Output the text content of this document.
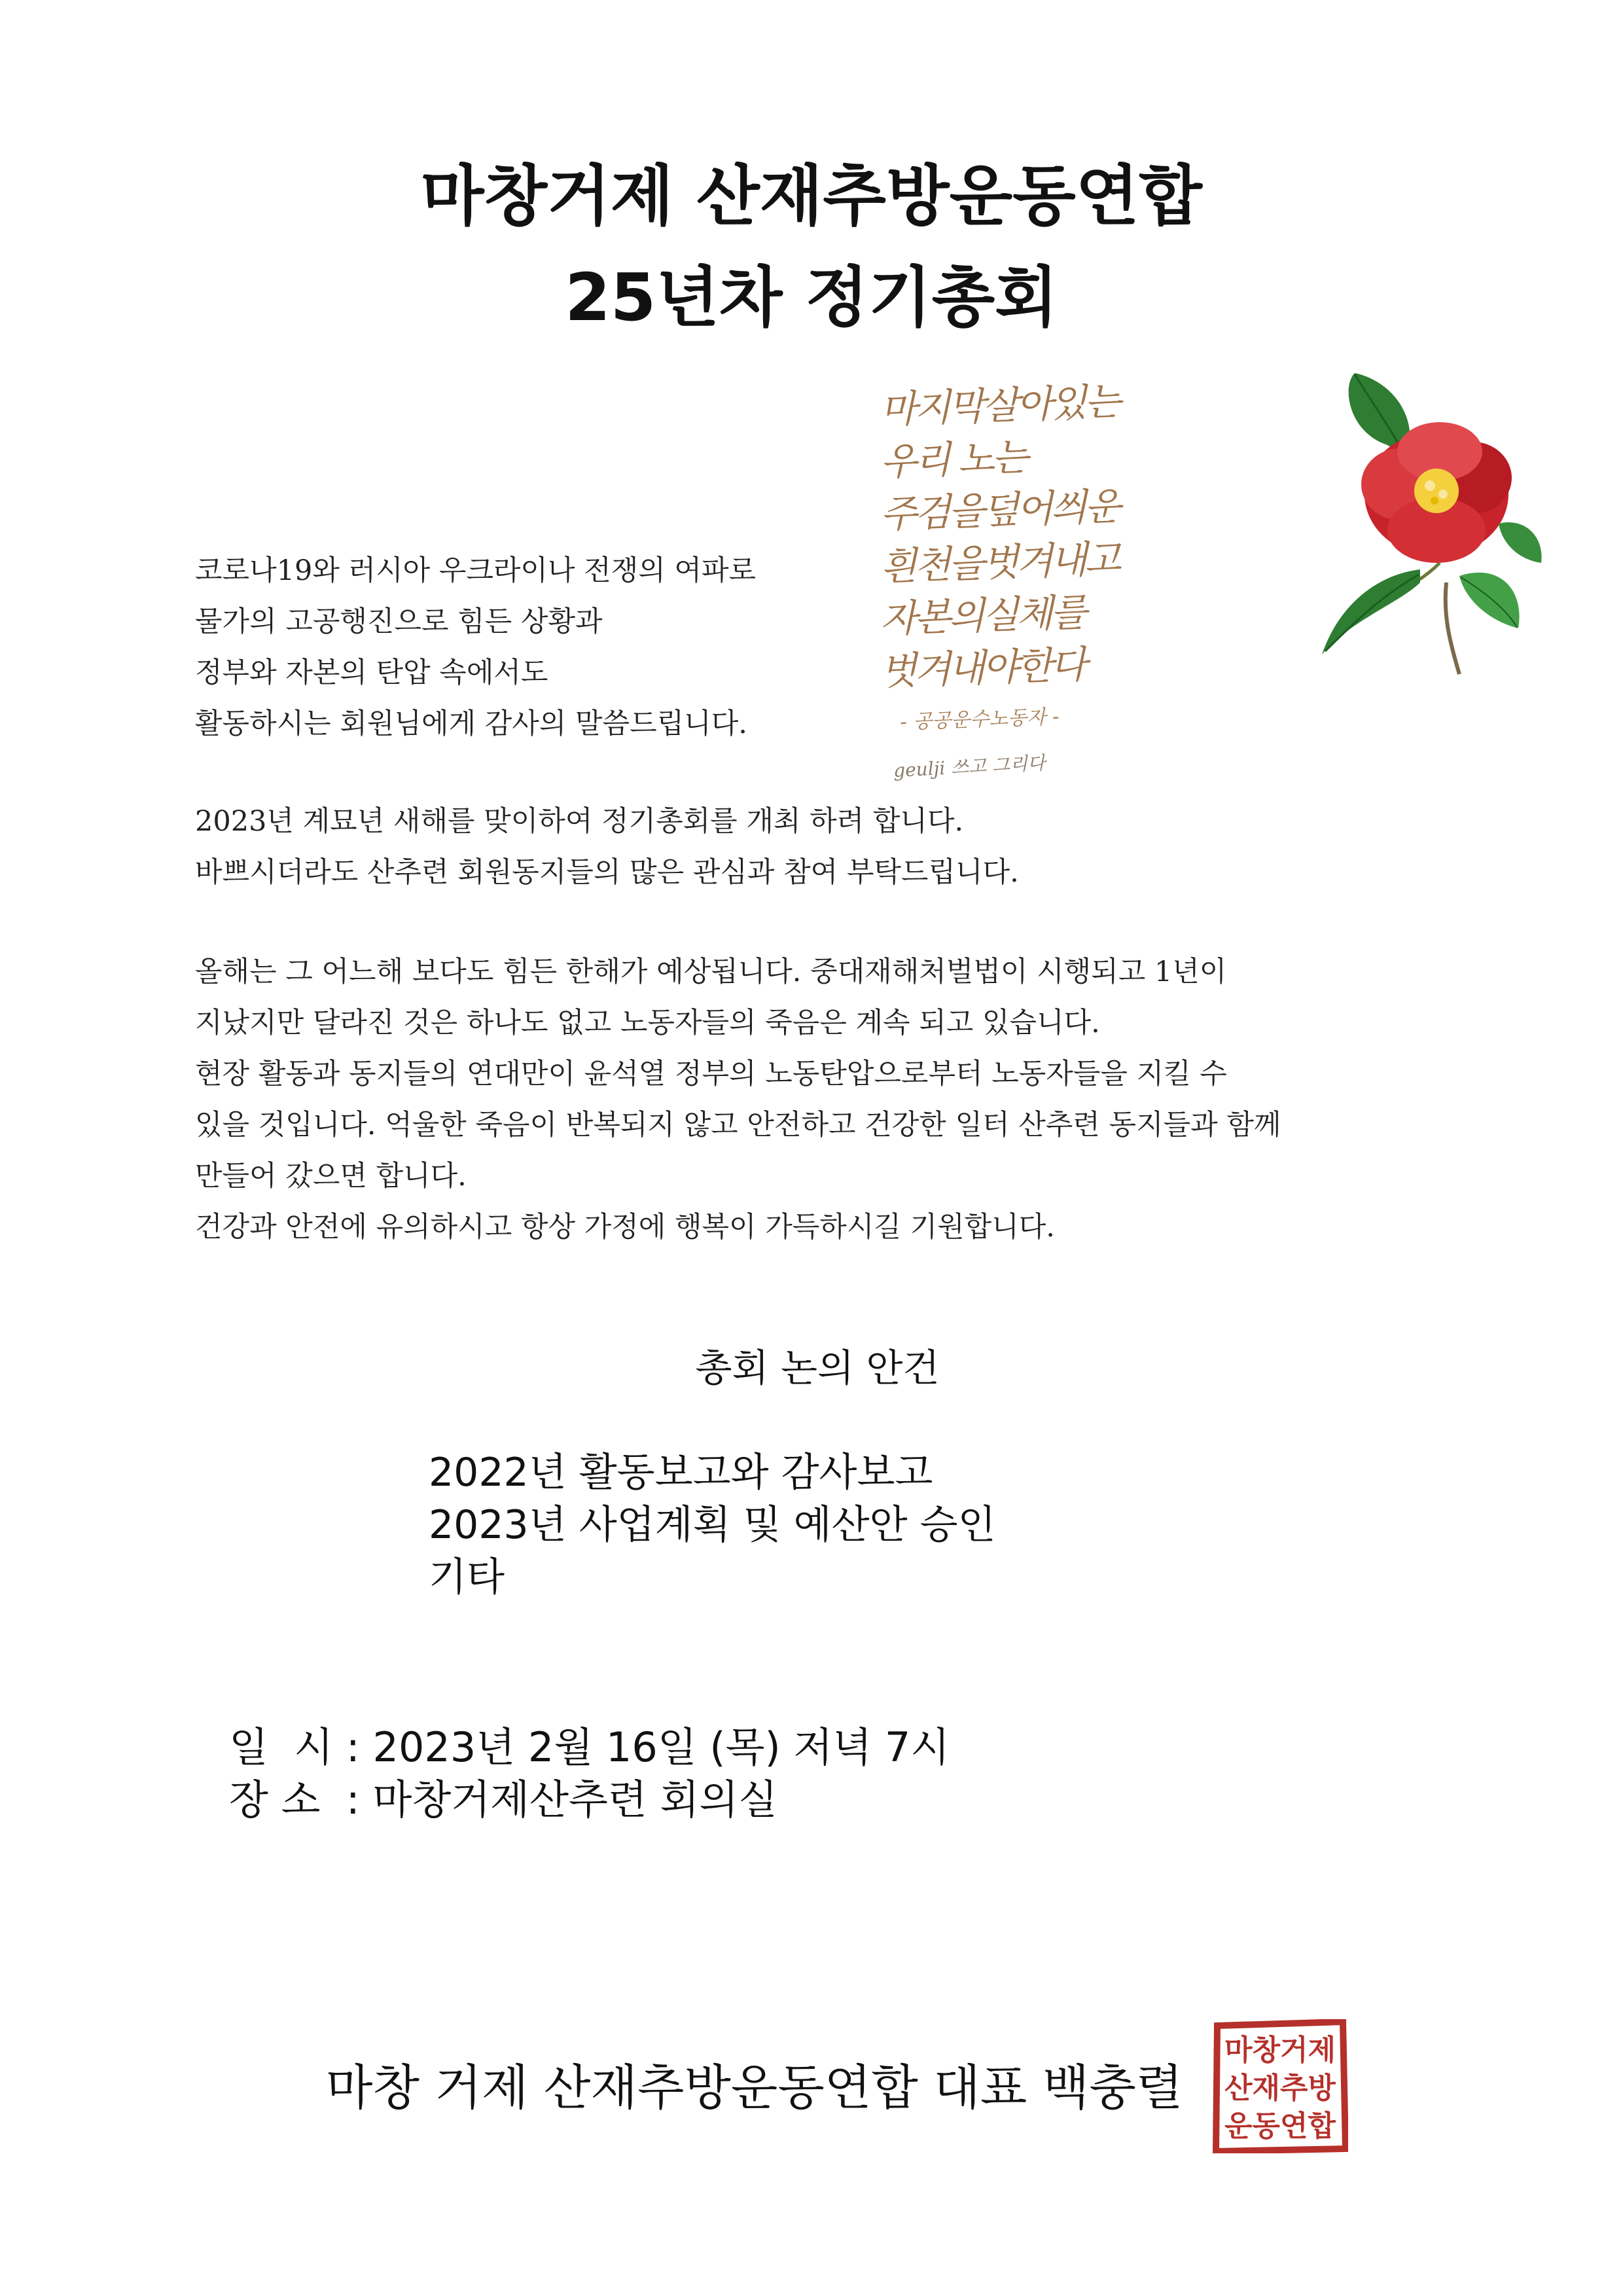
마창거제 산재추방운동연합
25년차 정기총회
마지막살아있는
우리 노는
주검을덮어씌운
흰천을벗겨내고
자본의실체를
벗겨내야한다
- 공공운수노동자 -
geulji 쓰고 그리다
코로나19와 러시아 우크라이나 전쟁의 여파로
물가의 고공행진으로 힘든 상황과
정부와 자본의 탄압 속에서도
활동하시는 회원님에게 감사의 말씀드립니다.
2023년 계묘년 새해를 맞이하여 정기총회를 개최 하려 합니다.
바쁘시더라도 산추련 회원동지들의 많은 관심과 참여 부탁드립니다.
올해는 그 어느해 보다도 힘든 한해가 예상됩니다. 중대재해처벌법이 시행되고 1년이
지났지만 달라진 것은 하나도 없고 노동자들의 죽음은 계속 되고 있습니다.
현장 활동과 동지들의 연대만이 윤석열 정부의 노동탄압으로부터 노동자들을 지킬 수
있을 것입니다. 억울한 죽음이 반복되지 않고 안전하고 건강한 일터 산추련 동지들과 함께
만들어 갔으면 합니다.
건강과 안전에 유의하시고 항상 가정에 행복이 가득하시길 기원합니다.
총회 논의 안건
2022년 활동보고와 감사보고
2023년 사업계획 및 예산안 승인
기타
일  시 : 2023년 2월 16일 (목) 저녁 7시
장 소  : 마창거제산추련 회의실
마창 거제 산재추방운동연합 대표 백충렬
마창거제
산재추방
운동연합
